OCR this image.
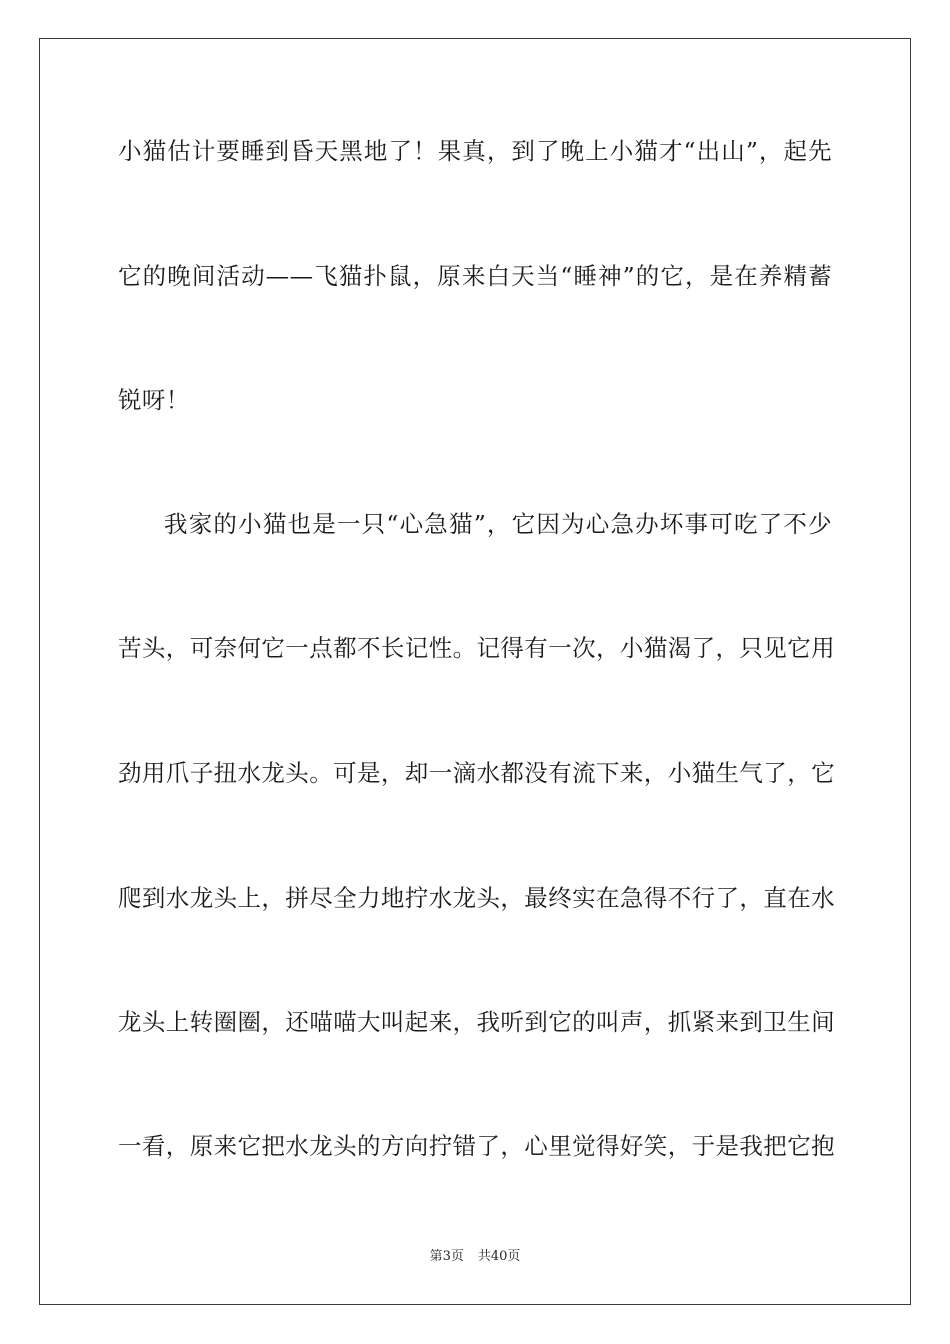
小猫估计要睡到昏天黑地了！果真，到了晚上小猫才“出山”，起先
它的晚间活动——飞猫扑鼠，原来白天当“睡神”的它，是在养精蓄
锐呀！
我家的小猫也是一只“心急猫”，它因为心急办坏事可吃了不少
苦头，可奈何它一点都不长记性。记得有一次，小猫渴了，只见它用
劲用爪子扭水龙头。可是，却一滴水都没有流下来，小猫生气了，它
爬到水龙头上，拼尽全力地拧水龙头，最终实在急得不行了，直在水
龙头上转圈圈，还喵喵大叫起来，我听到它的叫声，抓紧来到卫生间
一看，原来它把水龙头的方向拧错了，心里觉得好笑，于是我把它抱
第3页 共40页
